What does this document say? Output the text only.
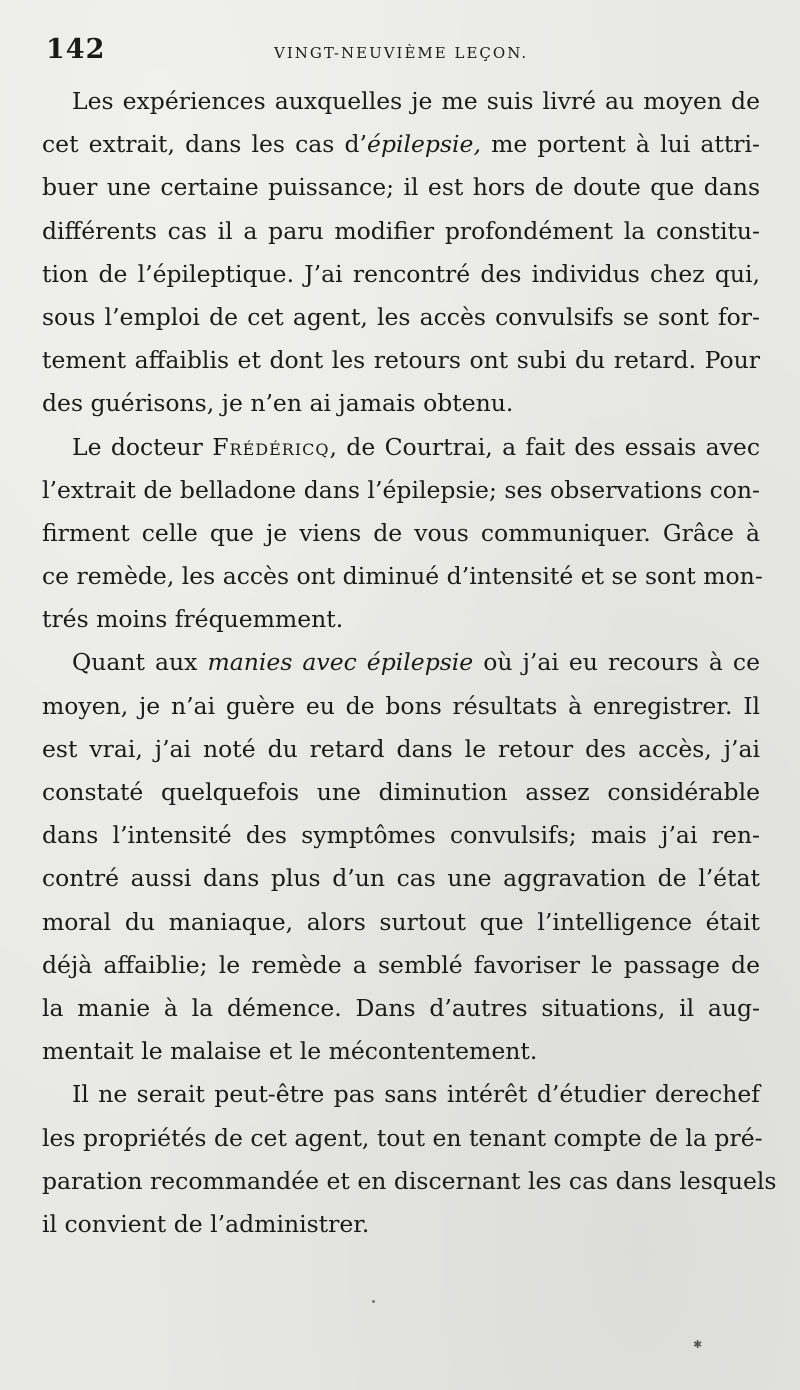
142	VINGT-NEUVIÈME LEÇON.
Les expériences auxquelles je me suis livré au moyen de
cet extrait, dans les cas d’épilepsie, me portent à lui attri-
buer une certaine puissance; il est hors de doute que dans
différents cas il a paru modifier profondément la constitu-
tion de l’épileptique. J’ai rencontré des individus chez qui,
sous l’emploi de cet agent, les accès convulsifs se sont for-
tement affaiblis et dont les retours ont subi du retard. Pour
des guérisons, je n’en ai jamais obtenu.
Le docteur Frédéricq, de Courtrai, a fait des essais avec
l’extrait de belladone dans l’épilepsie; ses observations con-
firment celle que je viens de vous communiquer. Grâce à
ce remède, les accès ont diminué d’intensité et se sont mon-
trés moins fréquemment.
Quant aux manies avec épilepsie où j’ai eu recours à ce
moyen, je n’ai guère eu de bons résultats à enregistrer. Il
est vrai, j’ai noté du retard dans le retour des accès, j’ai
constaté quelquefois une diminution assez considérable
dans l’intensité des symptômes convulsifs; mais j’ai ren-
contré aussi dans plus d’un cas une aggravation de l’état
moral du maniaque, alors surtout que l’intelligence était
déjà affaiblie; le remède a semblé favoriser le passage de
la manie à la démence. Dans d’autres situations, il aug-
mentait le malaise et le mécontentement.
Il ne serait peut-être pas sans intérêt d’étudier derechef
les propriétés de cet agent, tout en tenant compte de la pré-
paration recommandée et en discernant les cas dans lesquels
il convient de l’administrer.
✱
